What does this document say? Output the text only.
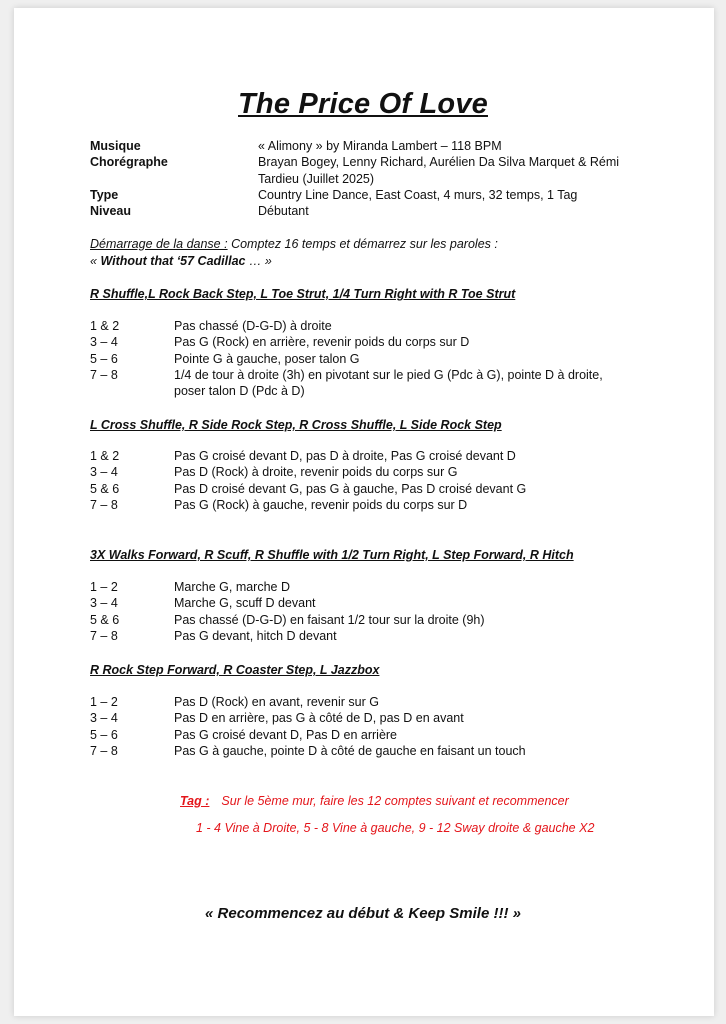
The Price Of Love
Musique	« Alimony » by Miranda Lambert – 118 BPM
Chorégraphe	Brayan Bogey, Lenny Richard, Aurélien Da Silva Marquet & Rémi Tardieu (Juillet 2025)
Type	Country Line Dance, East Coast, 4 murs, 32 temps, 1 Tag
Niveau	Débutant
Démarrage de la danse : Comptez 16 temps et démarrez sur les paroles :
« Without that ‘57 Cadillac … »
R Shuffle,L Rock Back Step, L Toe Strut, 1/4 Turn Right with R Toe Strut
1 & 2	Pas chassé (D-G-D) à droite
3 – 4	Pas G (Rock) en arrière, revenir poids du corps sur D
5 – 6	Pointe G à gauche, poser talon G
7 – 8	1/4 de tour à droite (3h) en pivotant sur le pied G (Pdc à G), pointe D à droite, poser talon D (Pdc à D)
L Cross Shuffle, R Side Rock Step, R Cross Shuffle, L Side Rock Step
1 & 2	Pas G croisé devant D, pas D à droite, Pas G croisé devant D
3 – 4	Pas D (Rock) à droite, revenir poids du corps sur G
5 & 6	Pas D croisé devant G, pas G à gauche, Pas D croisé devant G
7 – 8	Pas G (Rock) à gauche, revenir poids du corps sur D
3X Walks Forward, R Scuff, R Shuffle with 1/2 Turn Right, L Step Forward, R Hitch
1 – 2	Marche G, marche D
3 – 4	Marche G, scuff D devant
5 & 6	Pas chassé (D-G-D) en faisant 1/2 tour sur la droite (9h)
7 – 8	Pas G devant, hitch D devant
R Rock Step Forward, R Coaster Step, L Jazzbox
1 – 2	Pas D (Rock) en avant, revenir sur G
3 – 4	Pas D en arrière, pas G à côté de D, pas D en avant
5 – 6	Pas G croisé devant D, Pas D en arrière
7 – 8	Pas G à gauche, pointe D à côté de gauche en faisant un touch
Tag : Sur le 5ème mur, faire les 12 comptes suivant et recommencer
1 - 4 Vine à Droite, 5 - 8 Vine à gauche, 9 - 12 Sway droite & gauche X2
« Recommencez au début & Keep Smile !!! »
